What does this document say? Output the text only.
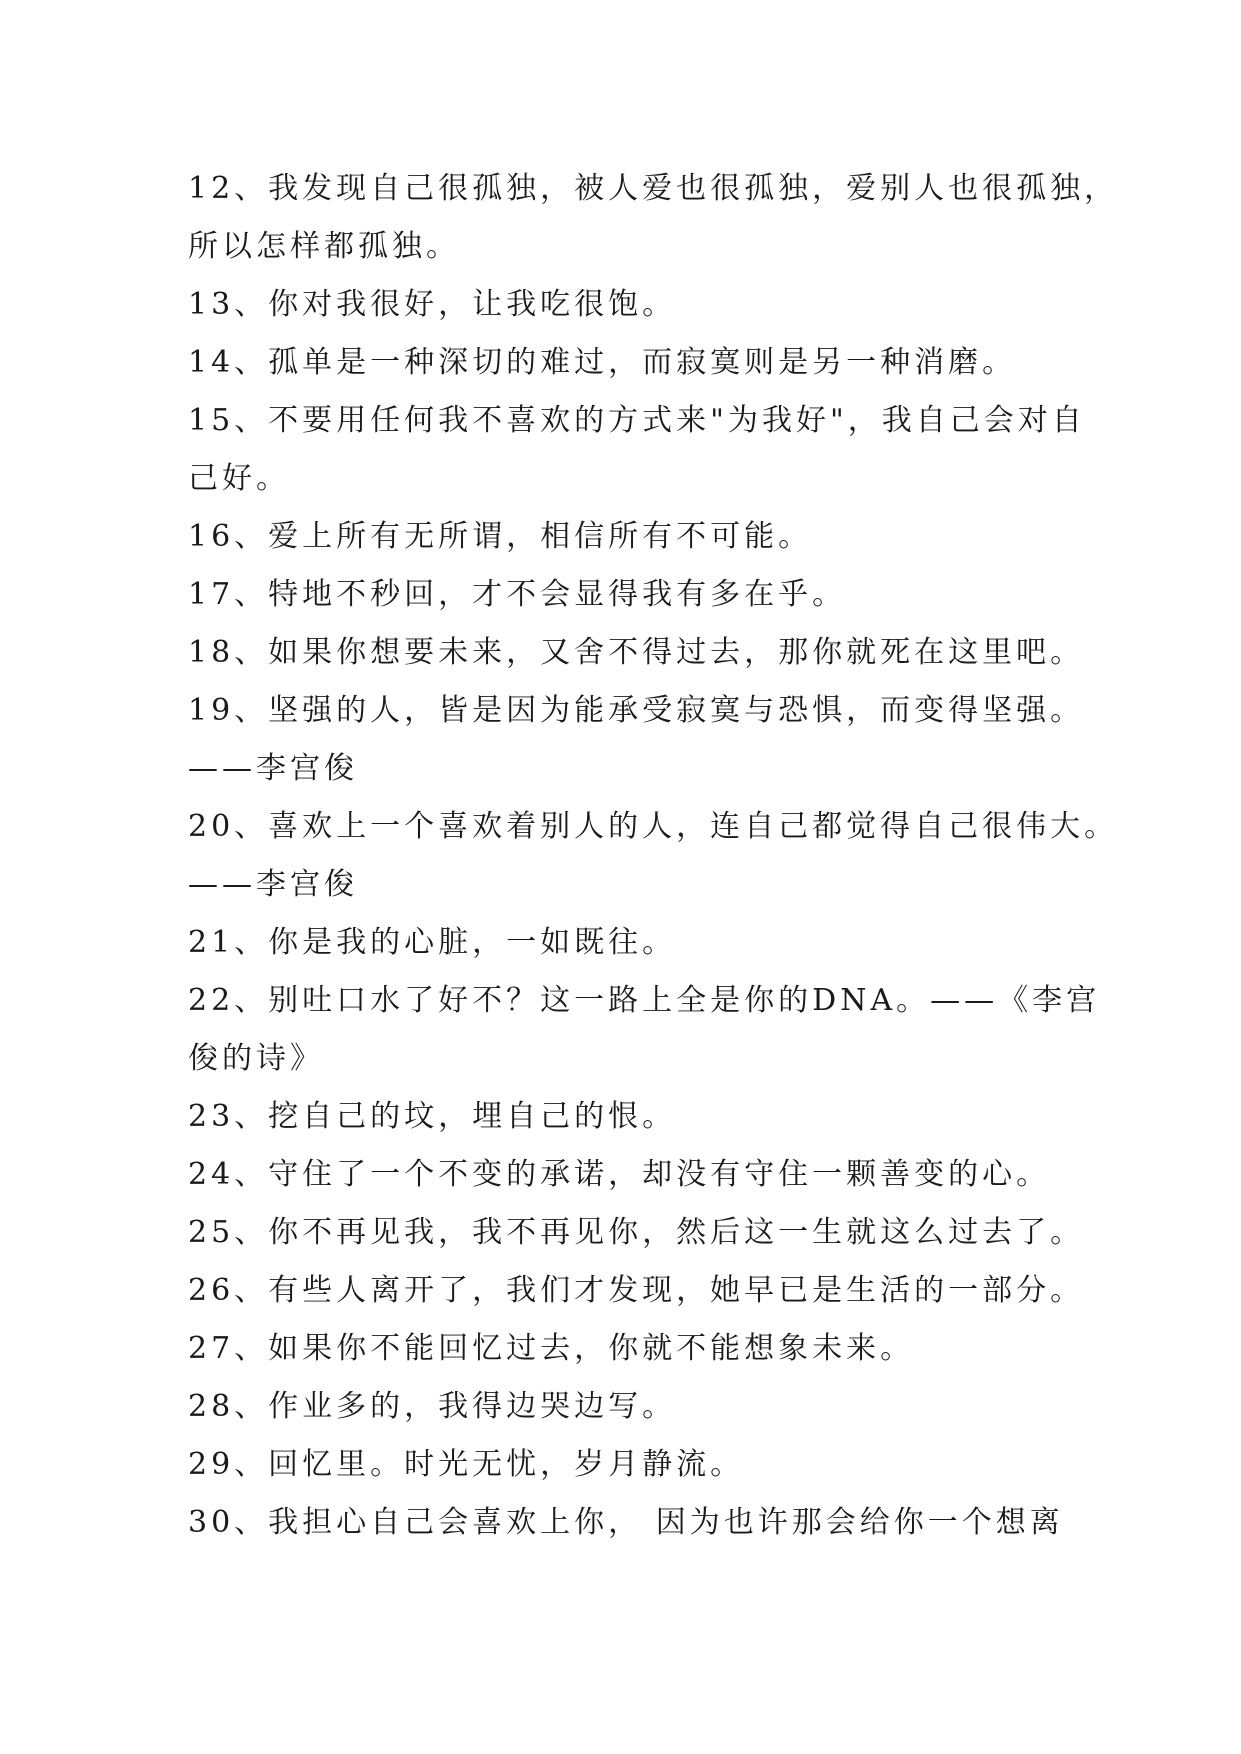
12、我发现自己很孤独，被人爱也很孤独，爱别人也很孤独，
所以怎样都孤独。
13、你对我很好，让我吃很饱。
14、孤单是一种深切的难过，而寂寞则是另一种消磨。
15、不要用任何我不喜欢的方式来"为我好"，我自己会对自
己好。
16、爱上所有无所谓，相信所有不可能。
17、特地不秒回，才不会显得我有多在乎。
18、如果你想要未来，又舍不得过去，那你就死在这里吧。
19、坚强的人，皆是因为能承受寂寞与恐惧，而变得坚强。
——李宫俊
20、喜欢上一个喜欢着别人的人，连自己都觉得自己很伟大。
——李宫俊
21、你是我的心脏，一如既往。
22、别吐口水了好不？这一路上全是你的DNA。——《李宫
俊的诗》
23、挖自己的坟，埋自己的恨。
24、守住了一个不变的承诺，却没有守住一颗善变的心。
25、你不再见我，我不再见你，然后这一生就这么过去了。
26、有些人离开了，我们才发现，她早已是生活的一部分。
27、如果你不能回忆过去，你就不能想象未来。
28、作业多的，我得边哭边写。
29、回忆里。时光无忧，岁月静流。
30、我担心自己会喜欢上你， 因为也许那会给你一个想离
